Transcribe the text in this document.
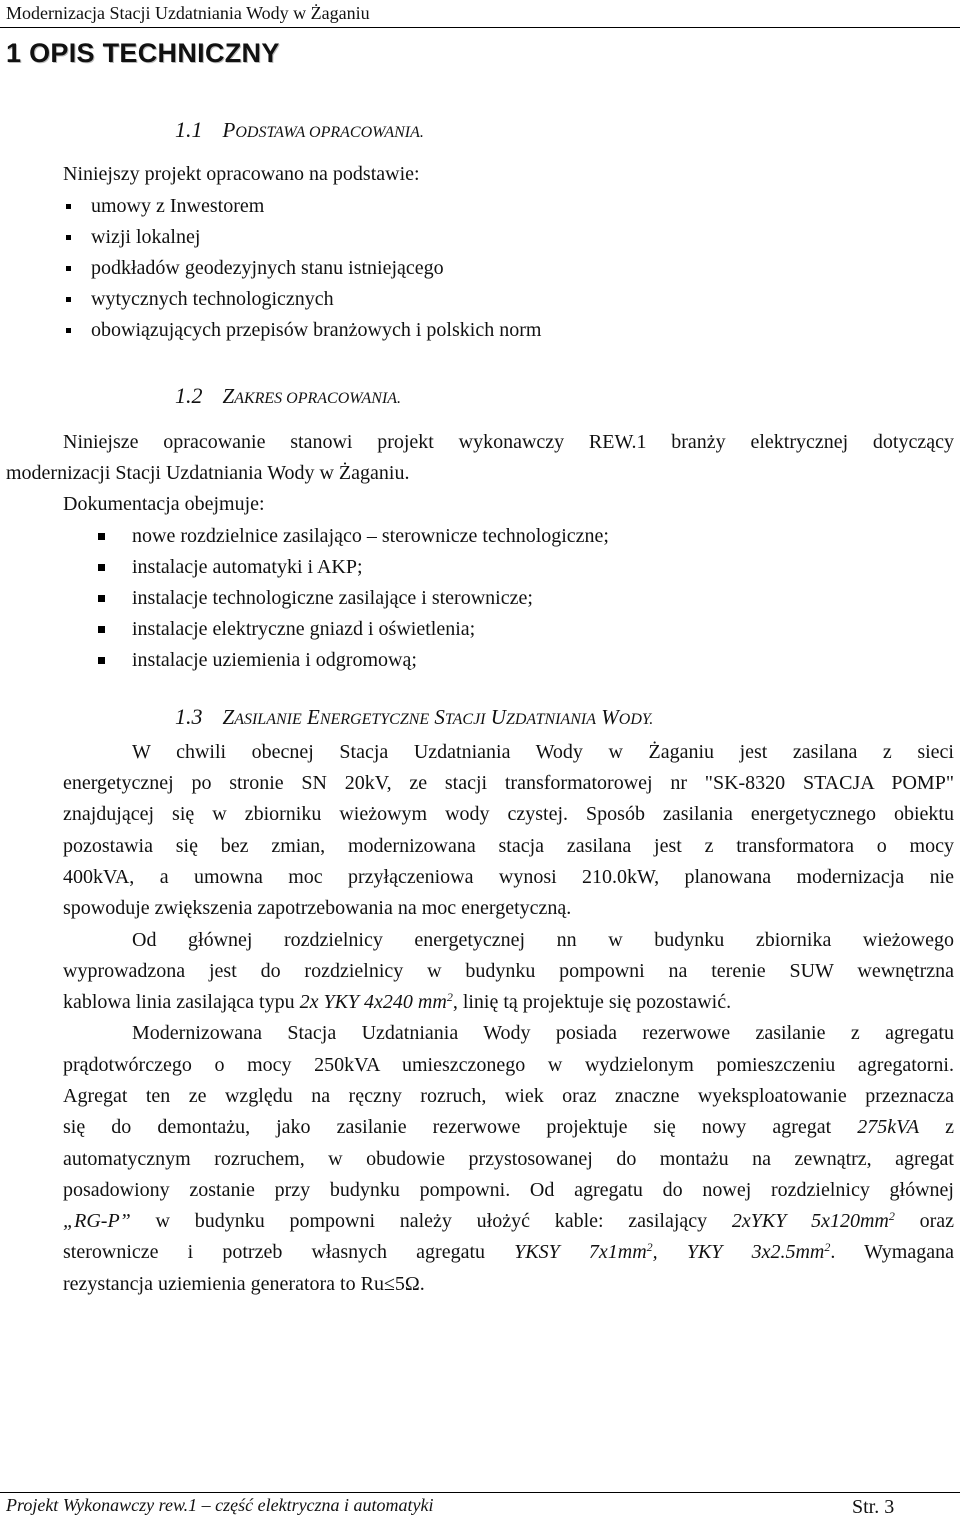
Modernizacja Stacji Uzdatniania Wody w Żaganiu
1 OPIS TECHNICZNY
1.1 PODSTAWA OPRACOWANIA.
Niniejszy projekt opracowano na podstawie:
umowy z Inwestorem
wizji lokalnej
podkładów geodezyjnych stanu istniejącego
wytycznych technologicznych
obowiązujących przepisów branżowych i polskich norm
1.2 ZAKRES OPRACOWANIA.
Niniejsze opracowanie stanowi projekt wykonawczy REW.1 branży elektrycznej dotyczący
modernizacji Stacji Uzdatniania Wody w Żaganiu.
Dokumentacja obejmuje:
nowe rozdzielnice zasilająco – sterownicze technologiczne;
instalacje automatyki i AKP;
instalacje technologiczne zasilające i sterownicze;
instalacje elektryczne gniazd i oświetlenia;
instalacje uziemienia i odgromową;
1.3 ZASILANIE ENERGETYCZNE STACJI UZDATNIANIA WODY.
W chwili obecnej Stacja Uzdatniania Wody w Żaganiu jest zasilana z sieci
energetycznej po stronie SN 20kV, ze stacji transformatorowej nr "SK-8320 STACJA POMP"
znajdującej się w zbiorniku wieżowym wody czystej. Sposób zasilania energetycznego obiektu
pozostawia się bez zmian, modernizowana stacja zasilana jest z transformatora o mocy
400kVA, a umowna moc przyłączeniowa wynosi 210.0kW, planowana modernizacja nie
spowoduje zwiększenia zapotrzebowania na moc energetyczną.
Od głównej rozdzielnicy energetycznej nn w budynku zbiornika wieżowego
wyprowadzona jest do rozdzielnicy w budynku pompowni na terenie SUW wewnętrzna
kablowa linia zasilająca typu 2x YKY 4x240 $mm^2$, linię tą projektuje się pozostawić.
Modernizowana Stacja Uzdatniania Wody posiada rezerwowe zasilanie z agregatu
prądotwórczego o mocy 250kVA umieszczonego w wydzielonym pomieszczeniu agregatorni.
Agregat ten ze względu na ręczny rozruch, wiek oraz znaczne wyeksploatowanie przeznacza
się do demontażu, jako zasilanie rezerwowe projektuje się nowy agregat 275kVA z
automatycznym rozruchem, w obudowie przystosowanej do montażu na zewnątrz, agregat
posadowiony zostanie przy budynku pompowni. Od agregatu do nowej rozdzielnicy głównej
„RG-P” w budynku pompowni należy ułożyć kable: zasilający 2xYKY $5x120mm^2$ oraz
sterownicze i potrzeb własnych agregatu YKSY $7x1mm^2$, YKY $3x2.5mm^2$. Wymagana
rezystancja uziemienia generatora to Ru≤5Ω.
Projekt Wykonawczy rew.1 – część elektryczna i automatyki	Str. 3
